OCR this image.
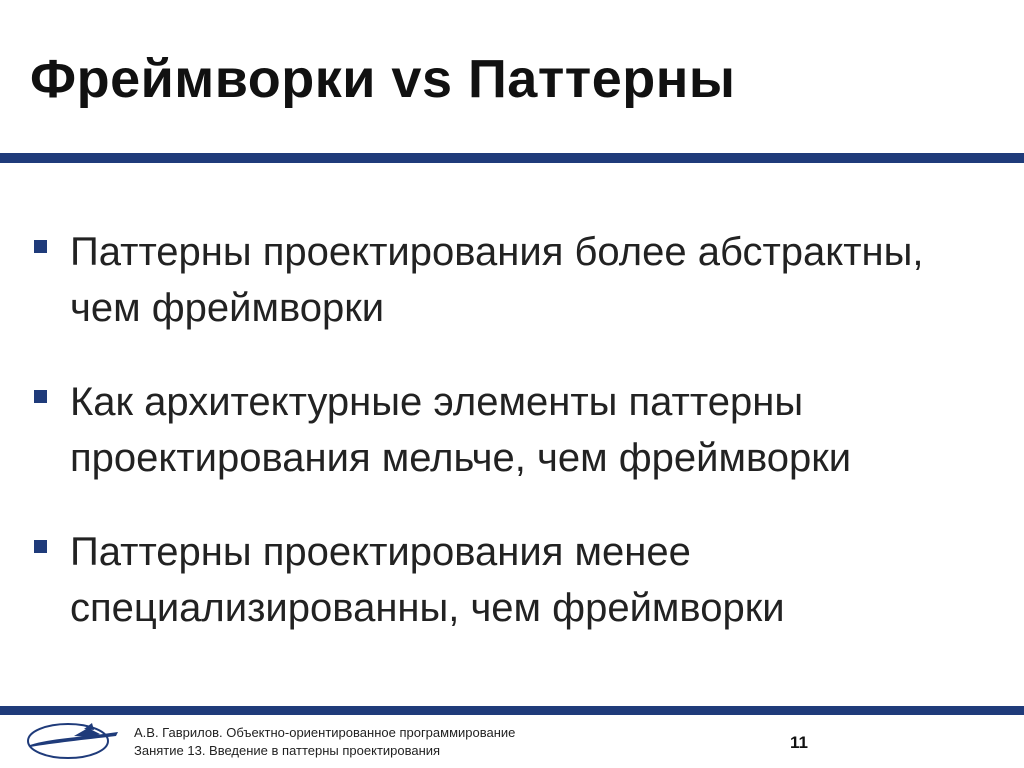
Фреймворки vs Паттерны
Паттерны проектирования более абстрактны, чем фреймворки
Как архитектурные элементы паттерны проектирования мельче, чем фреймворки
Паттерны проектирования менее специализированны, чем фреймворки
А.В. Гаврилов. Объектно-ориентированное программирование
Занятие 13. Введение в паттерны проектирования	11
